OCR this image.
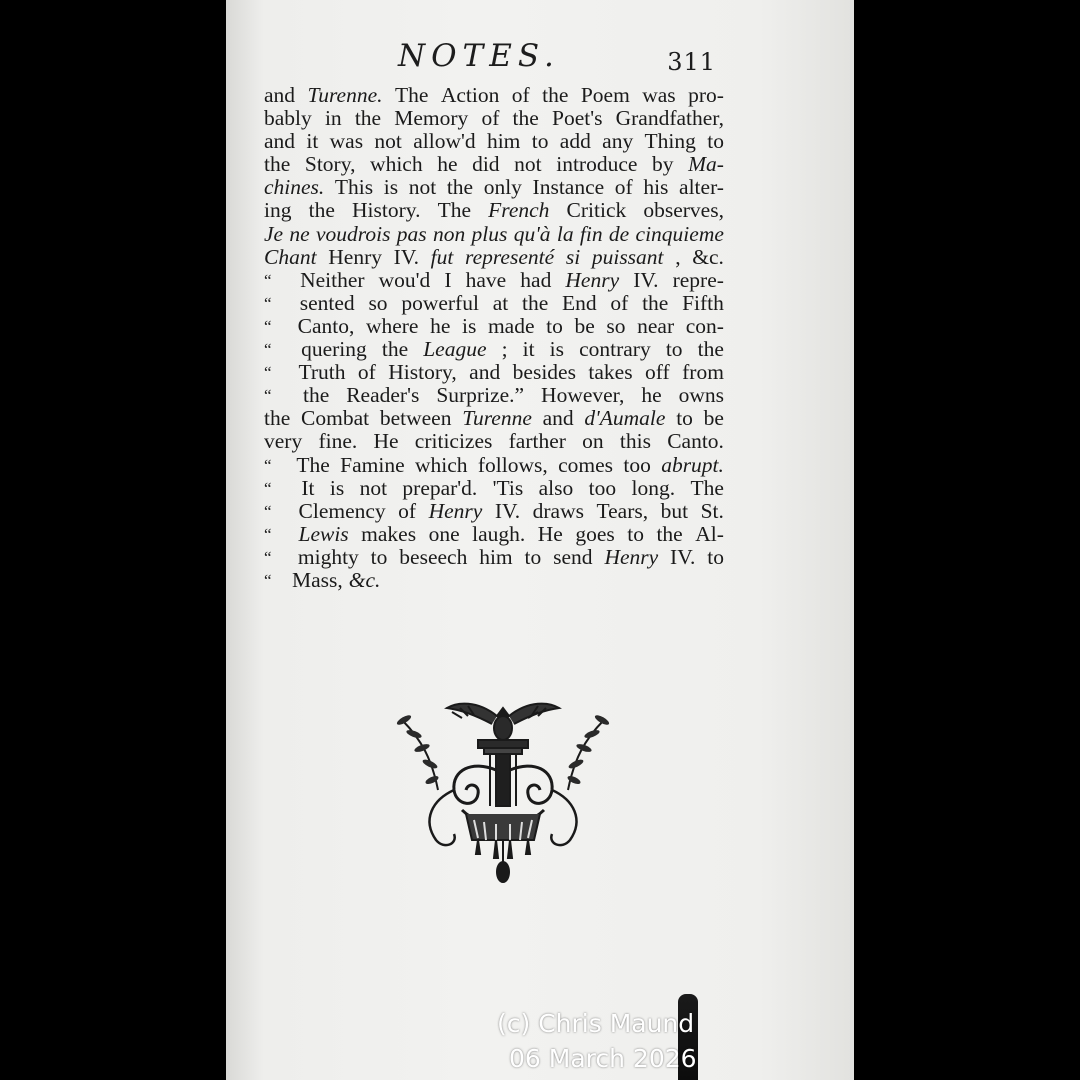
NOTES.	311
and Turenne. The Action of the Poem was pro-
bably in the Memory of the Poet's Grandfather,
and it was not allow'd him to add any Thing to
the Story, which he did not introduce by Ma-
chines. This is not the only Instance of his alter-
ing the History. The French Critick observes,
Je ne voudrois pas non plus qu'à la fin de cinquieme
Chant Henry IV. fut representé si puissant , &c.
“	Neither wou'd I have had Henry IV. repre-
“	sented so powerful at the End of the Fifth
“	Canto, where he is made to be so near con-
“	quering the League ; it is contrary to the
“	Truth of History, and besides takes off from
“	the Reader's Surprize.” However, he owns
the Combat between Turenne and d'Aumale to be
very fine. He criticizes farther on this Canto.
“	The Famine which follows, comes too abrupt.
“	It is not prepar'd. 'Tis also too long. The
“	Clemency of Henry IV. draws Tears, but St.
“	Lewis makes one laugh. He goes to the Al-
“	mighty to beseech him to send Henry IV. to
“ Mass, &c.
(c) Chris Maund
06 March 2026
